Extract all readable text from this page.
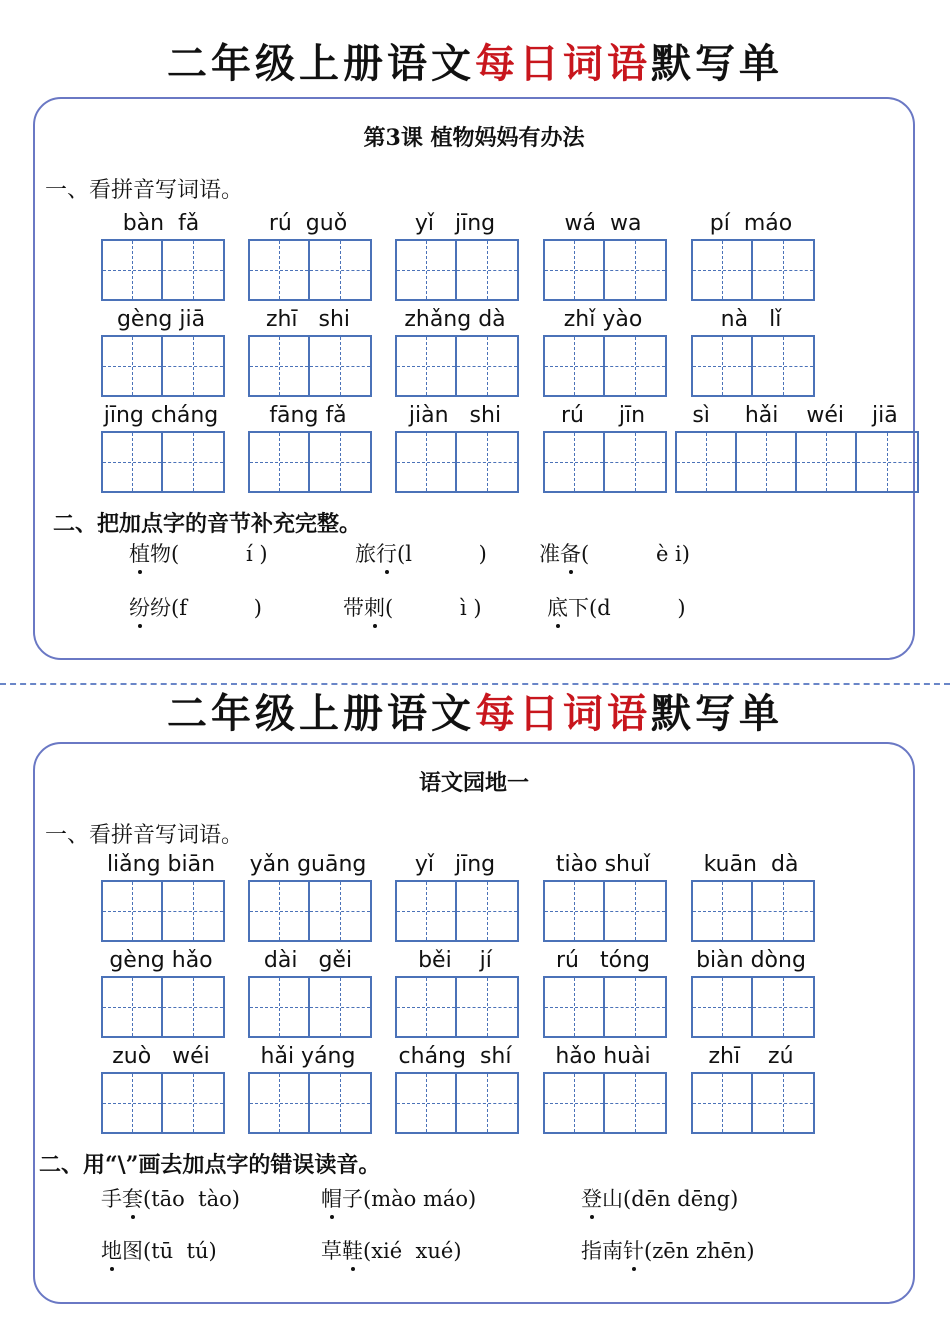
二年级上册语文每日词语默写单
第3课 植物妈妈有办法
一、看拼音写词语。
bàn  fǎ	rú  guǒ	yǐ   jīng	wá  wa	pí  máo
gèng jiā	zhī   shi	zhǎng dà	zhǐ yào	nà   lǐ
jīng cháng	fāng fǎ	jiàn   shi	rú     jīn	sì     hǎi    wéi    jiā
二、把加点字的音节补充完整。
植物(          í )	旅行(l          ) 准备(          è i)
纷纷(f          )	带刺(          ì )	底下(d          )
二年级上册语文每日词语默写单
语文园地一
一、看拼音写词语。
liǎng biān	yǎn guāng	yǐ   jīng	tiào shuǐ	kuān  dà
gèng hǎo	dài   gěi	běi    jí	rú   tóng	biàn dòng
zuò   wéi	hǎi yáng	cháng  shí	hǎo huài	zhī    zú
二、用“\”画去加点字的错误读音。
手套(tāo  tào)	帽子(mào máo)	登山(dēn dēng)
地图(tū  tú)	草鞋(xié  xué)	指南针(zēn zhēn)
